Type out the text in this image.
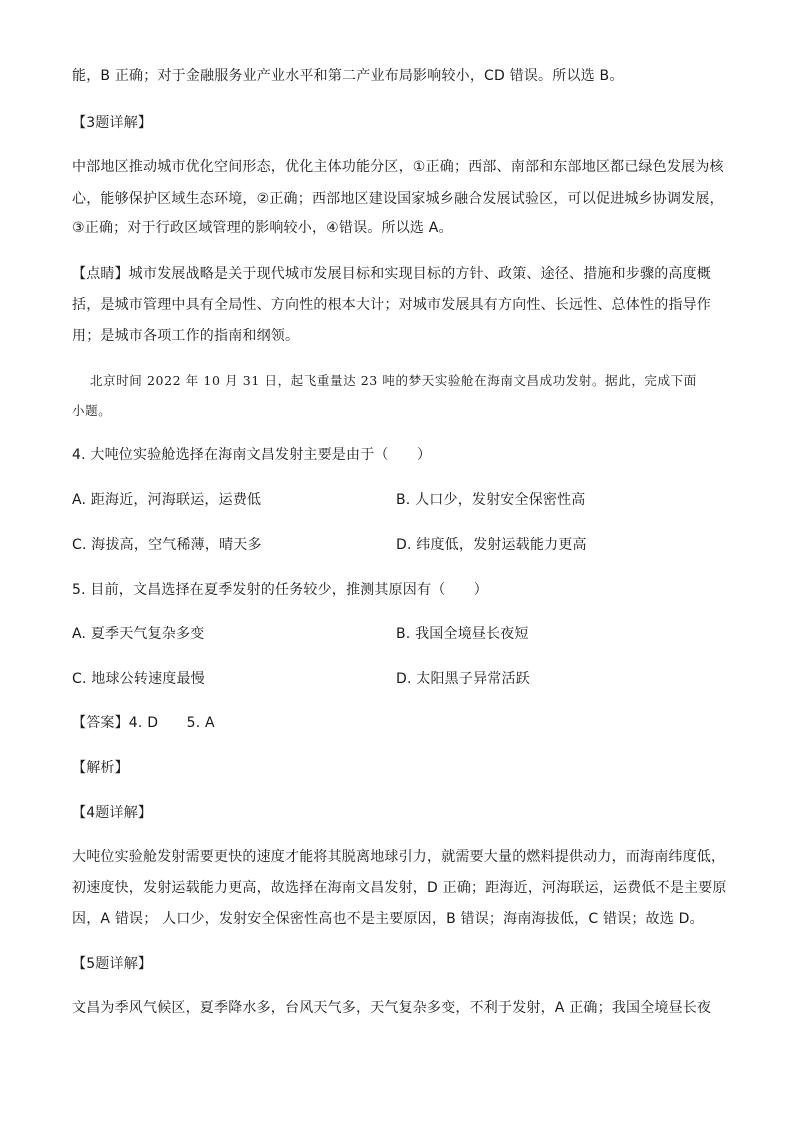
能，B 正确；对于金融服务业产业水平和第二产业布局影响较小，CD 错误。所以选 B。
【3题详解】
中部地区推动城市优化空间形态，优化主体功能分区，①正确；西部、南部和东部地区都已绿色发展为核
心，能够保护区域生态环境，②正确；西部地区建设国家城乡融合发展试验区，可以促进城乡协调发展，
③正确；对于行政区域管理的影响较小，④错误。所以选 A。
【点睛】城市发展战略是关于现代城市发展目标和实现目标的方针、政策、途径、措施和步骤的高度概
括，是城市管理中具有全局性、方向性的根本大计；对城市发展具有方向性、长远性、总体性的指导作
用；是城市各项工作的指南和纲领。
北京时间 2022 年 10 月 31 日，起飞重量达 23 吨的梦天实验舱在海南文昌成功发射。据此，完成下面
小题。
4. 大吨位实验舱选择在海南文昌发射主要是由于（　　）
A. 距海近，河海联运，运费低	B. 人口少，发射安全保密性高
C. 海拔高，空气稀薄，晴天多	D. 纬度低，发射运载能力更高
5. 目前，文昌选择在夏季发射的任务较少，推测其原因有（　　）
A. 夏季天气复杂多变	B. 我国全境昼长夜短
C. 地球公转速度最慢	D. 太阳黑子异常活跃
【答案】4. D　　5. A
【解析】
【4题详解】
大吨位实验舱发射需要更快的速度才能将其脱离地球引力，就需要大量的燃料提供动力，而海南纬度低，
初速度快，发射运载能力更高，故选择在海南文昌发射，D 正确；距海近，河海联运，运费低不是主要原
因，A 错误； 人口少，发射安全保密性高也不是主要原因，B 错误；海南海拔低，C 错误；故选 D。
【5题详解】
文昌为季风气候区，夏季降水多，台风天气多，天气复杂多变，不利于发射，A 正确；我国全境昼长夜
